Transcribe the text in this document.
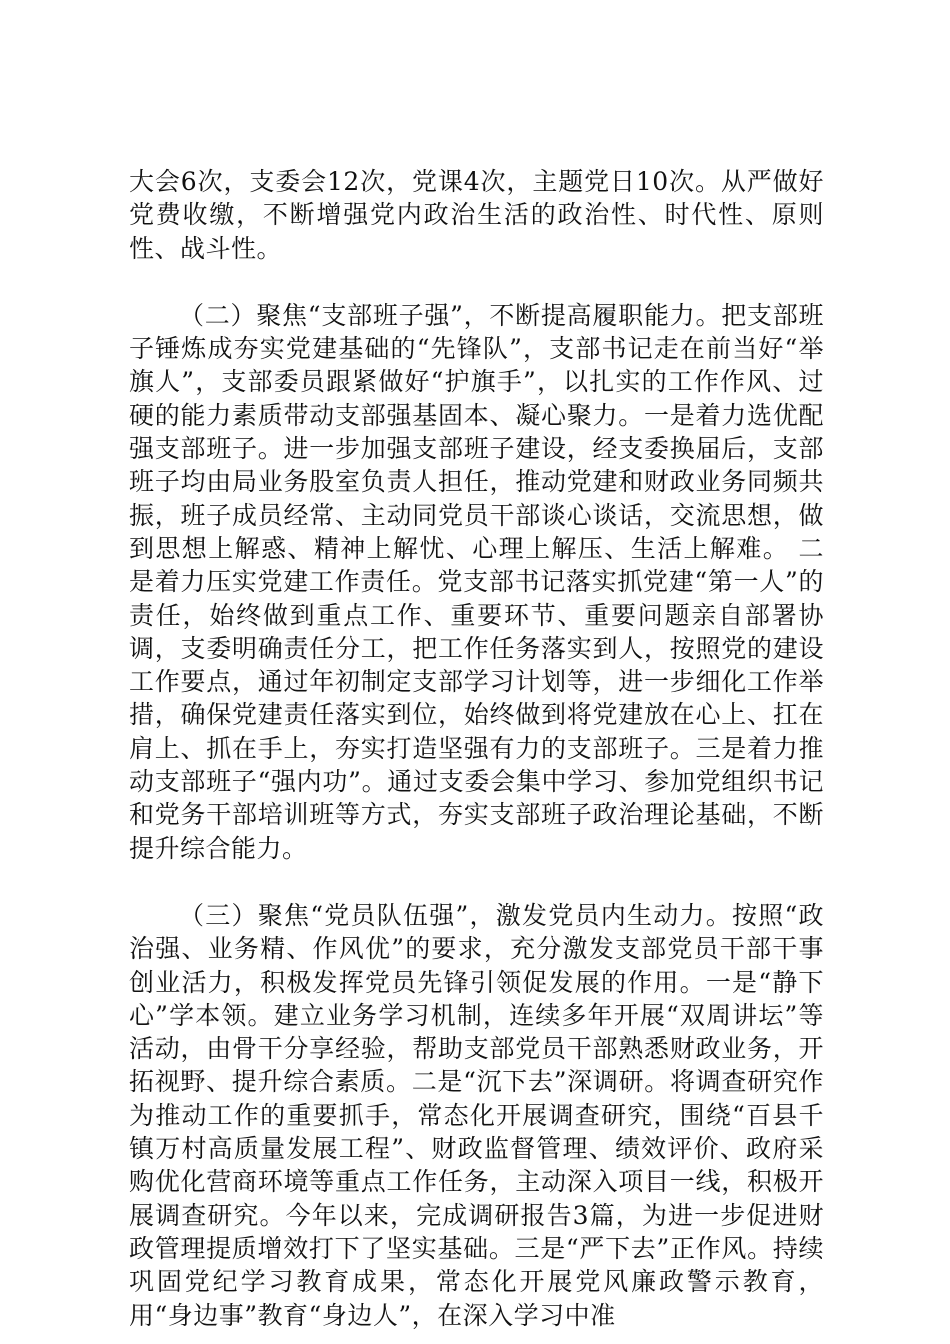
大会6次，支委会12次，党课4次，主题党日10次。从严做好党费收缴，不断增强党内政治生活的政治性、时代性、原则性、战斗性。

（二）聚焦“支部班子强”，不断提高履职能力。把支部班子锤炼成夯实党建基础的“先锋队”，支部书记走在前当好“举旗人”，支部委员跟紧做好“护旗手”，以扎实的工作作风、过硬的能力素质带动支部强基固本、凝心聚力。一是着力选优配强支部班子。进一步加强支部班子建设，经支委换届后，支部班子均由局业务股室负责人担任，推动党建和财政业务同频共振，班子成员经常、主动同党员干部谈心谈话，交流思想，做到思想上解惑、精神上解忧、心理上解压、生活上解难。 二是着力压实党建工作责任。党支部书记落实抓党建“第一人”的责任，始终做到重点工作、重要环节、重要问题亲自部署协调，支委明确责任分工，把工作任务落实到人，按照党的建设工作要点，通过年初制定支部学习计划等，进一步细化工作举措，确保党建责任落实到位，始终做到将党建放在心上、扛在肩上、抓在手上，夯实打造坚强有力的支部班子。三是着力推动支部班子“强内功”。通过支委会集中学习、参加党组织书记和党务干部培训班等方式，夯实支部班子政治理论基础，不断提升综合能力。

（三）聚焦“党员队伍强”，激发党员内生动力。按照“政治强、业务精、作风优”的要求，充分激发支部党员干部干事创业活力，积极发挥党员先锋引领促发展的作用。一是“静下心”学本领。建立业务学习机制，连续多年开展“双周讲坛”等活动，由骨干分享经验，帮助支部党员干部熟悉财政业务，开拓视野、提升综合素质。二是“沉下去”深调研。将调查研究作为推动工作的重要抓手，常态化开展调查研究，围绕“百县千镇万村高质量发展工程”、财政监督管理、绩效评价、政府采购优化营商环境等重点工作任务，主动深入项目一线，积极开展调查研究。今年以来，完成调研报告3篇，为进一步促进财政管理提质增效打下了坚实基础。三是“严下去”正作风。持续巩固党纪学习教育成果，常态化开展党风廉政警示教育，用“身边事”教育“身边人”，在深入学习中准
